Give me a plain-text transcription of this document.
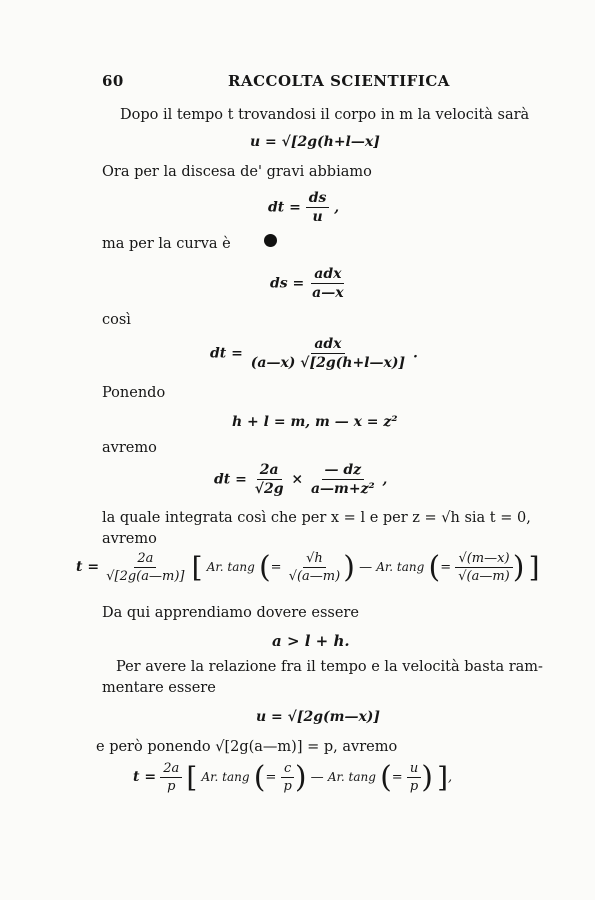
60	RACCOLTA SCIENTIFICA
Dopo il tempo t trovandosi il corpo in m la velocità sarà
u = √[2g(h+l—x]
Ora per la discesa de' gravi abbiamo
dt = $\frac{ds}{u}$ ,
ma per la curva è
ds = $\frac{\text{adx}}{a—x}$
così
dt = $\frac{\text{adx}}{(a—x) √[2g(h+l—x)]}$ .
Ponendo
h + l = m, m — x = z²
avremo
dt = $\frac{2a}{√2g} \times \frac{— dz}{\text{a—m+z²}}$ ,
la quale integrata così che per x = l e per z = √h sia t = 0,
avremo
$t = \frac{2a}{√[2g(a—m)]}$ [ Ar. tang (= $\frac{√h}{√(a—m)}$ ) — Ar. tang (= $\frac{√(m—x)}{√(a—m)}$ ) ]
Da qui apprendiamo dovere essere
a > l + h.
Per avere la relazione fra il tempo e la velocità basta ram-
mentare essere
u = √[2g(m—x)]
e però ponendo √[2g(a—m)] = p, avremo
$t = \frac{2a}{p}$ [ Ar. tang (= $\frac{c}{p}$ ) — Ar. tang (= $\frac{u}{p}$ ) ],
